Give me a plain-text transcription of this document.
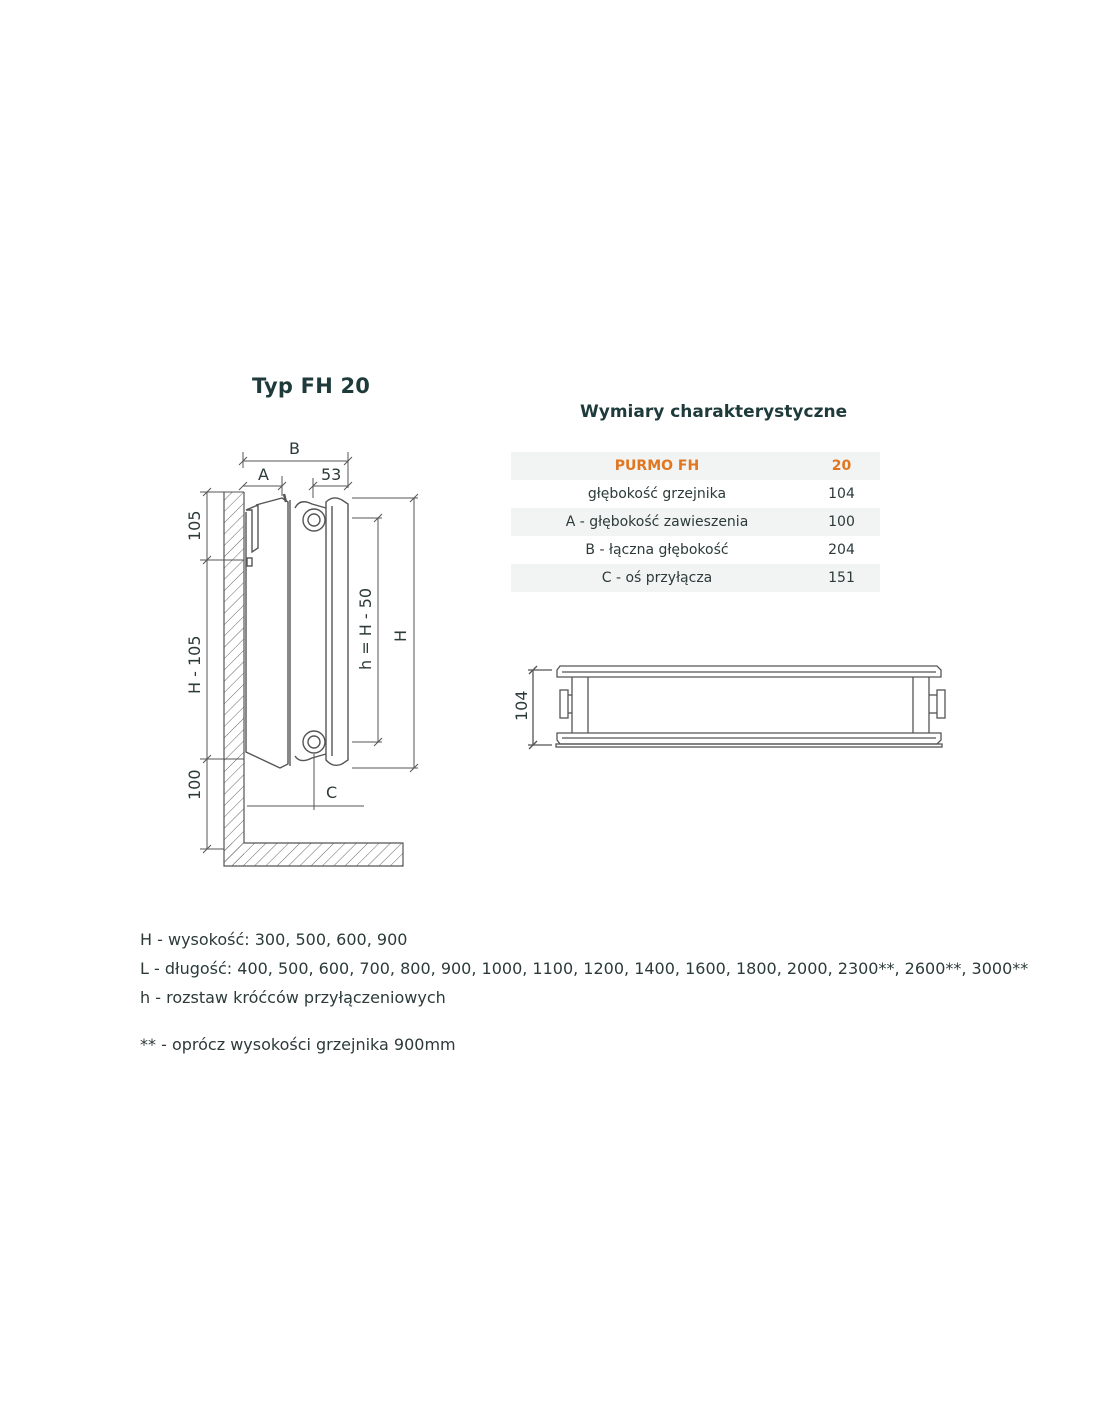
Typ FH 20
Wymiary charakterystyczne
B
A	53
105
H - 105
100
h = H - 50 H
C
104
PURMO FH	20
głębokość grzejnika	104
A - głębokość zawieszenia	100
B - łączna głębokość	204
C - oś przyłącza	151
H - wysokość: 300, 500, 600, 900
L - długość: 400, 500, 600, 700, 800, 900, 1000, 1100, 1200, 1400, 1600, 1800, 2000, 2300**, 2600**, 3000**
h - rozstaw króćców przyłączeniowych
** - oprócz wysokości grzejnika 900mm
